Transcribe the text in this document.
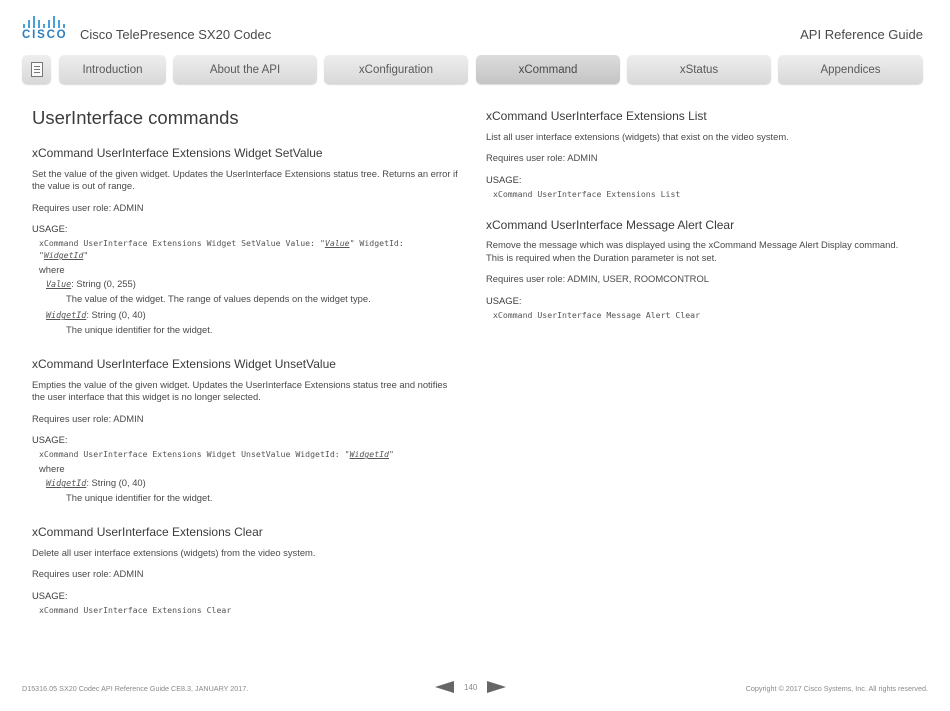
CISCO Cisco TelePresence SX20 Codec	API Reference Guide
Introduction	About the API	xConfiguration	xCommand	xStatus	Appendices
UserInterface commands
xCommand UserInterface Extensions Widget SetValue

Set the value of the given widget. Updates the UserInterface Extensions status tree. Returns an error if the value is out of range.

Requires user role: ADMIN

USAGE:
xCommand UserInterface Extensions Widget SetValue Value: "Value" WidgetId:
"WidgetId"
where
Value: String (0, 255)
The value of the widget. The range of values depends on the widget type.
WidgetId: String (0, 40)
The unique identifier for the widget.
xCommand UserInterface Extensions Widget UnsetValue

Empties the value of the given widget. Updates the UserInterface Extensions status tree and notifies the user interface that this widget is no longer selected.

Requires user role: ADMIN

USAGE:
xCommand UserInterface Extensions Widget UnsetValue WidgetId: "WidgetId"
where
WidgetId: String (0, 40)
The unique identifier for the widget.
xCommand UserInterface Extensions Clear

Delete all user interface extensions (widgets) from the video system.

Requires user role: ADMIN

USAGE:
xCommand UserInterface Extensions Clear
xCommand UserInterface Extensions List

List all user interface extensions (widgets) that exist on the video system.

Requires user role: ADMIN

USAGE:
xCommand UserInterface Extensions List
xCommand UserInterface Message Alert Clear

Remove the message which was displayed using the xCommand Message Alert Display command. This is required when the Duration parameter is not set.

Requires user role: ADMIN, USER, ROOMCONTROL

USAGE:
xCommand UserInterface Message Alert Clear
D15316.05 SX20 Codec API Reference Guide CE8.3, JANUARY 2017.	140	Copyright © 2017 Cisco Systems, Inc. All rights reserved.
